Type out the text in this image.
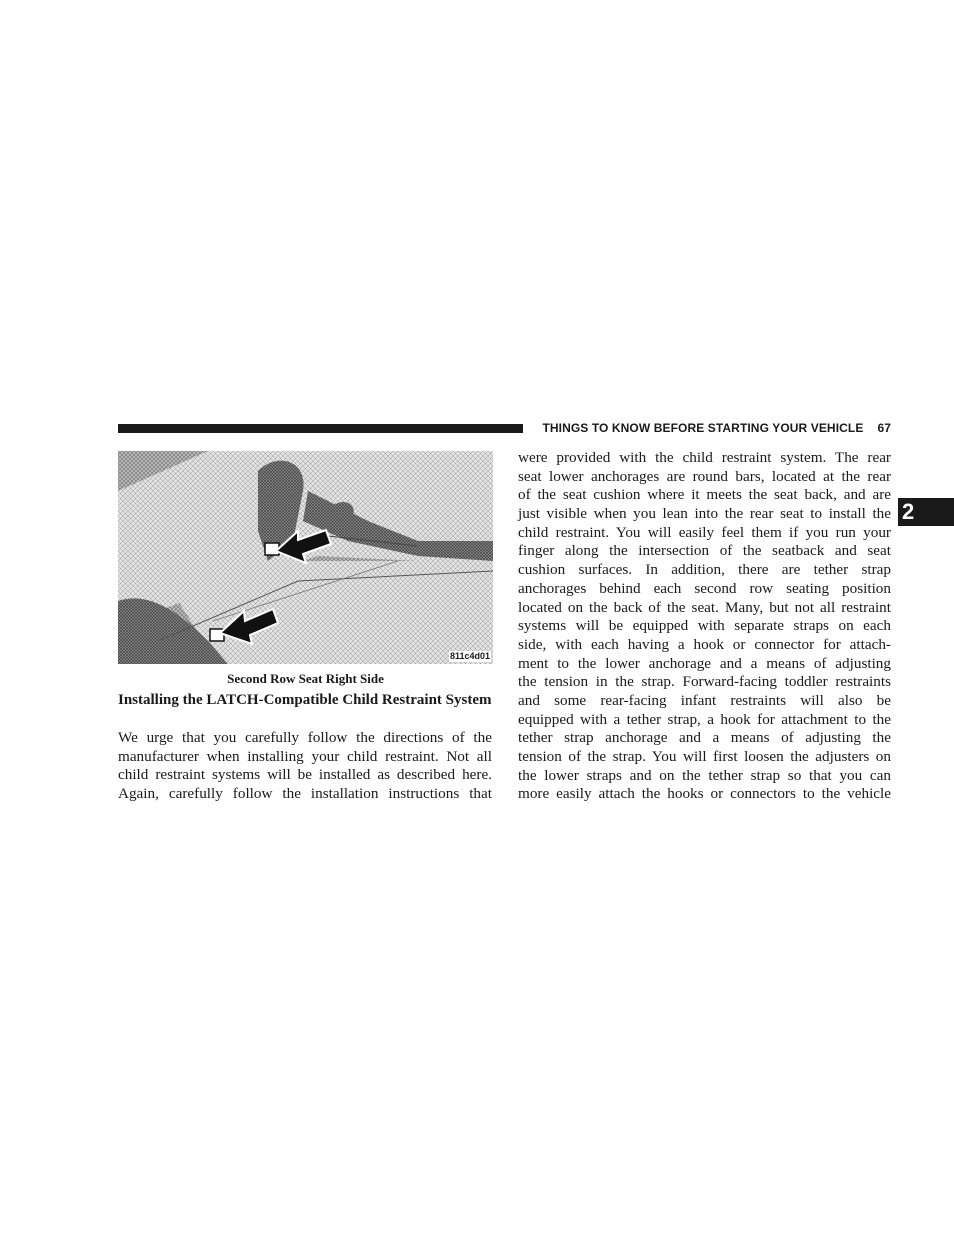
THINGS TO KNOW BEFORE STARTING YOUR VEHICLE 67
2
811c4d01
Second Row Seat Right Side
Installing the LATCH-Compatible Child Restraint System
We urge that you carefully follow the directions of the
manufacturer when installing your child restraint. Not all
child restraint systems will be installed as described here.
Again, carefully follow the installation instructions that
were provided with the child restraint system. The rear
seat lower anchorages are round bars, located at the rear
of the seat cushion where it meets the seat back, and are
just visible when you lean into the rear seat to install the
child restraint. You will easily feel them if you run your
finger along the intersection of the seatback and seat
cushion surfaces. In addition, there are tether strap
anchorages behind each second row seating position
located on the back of the seat. Many, but not all restraint
systems will be equipped with separate straps on each
side, with each having a hook or connector for attach-
ment to the lower anchorage and a means of adjusting
the tension in the strap. Forward-facing toddler restraints
and some rear-facing infant restraints will also be
equipped with a tether strap, a hook for attachment to the
tether strap anchorage and a means of adjusting the
tension of the strap. You will first loosen the adjusters on
the lower straps and on the tether strap so that you can
more easily attach the hooks or connectors to the vehicle
